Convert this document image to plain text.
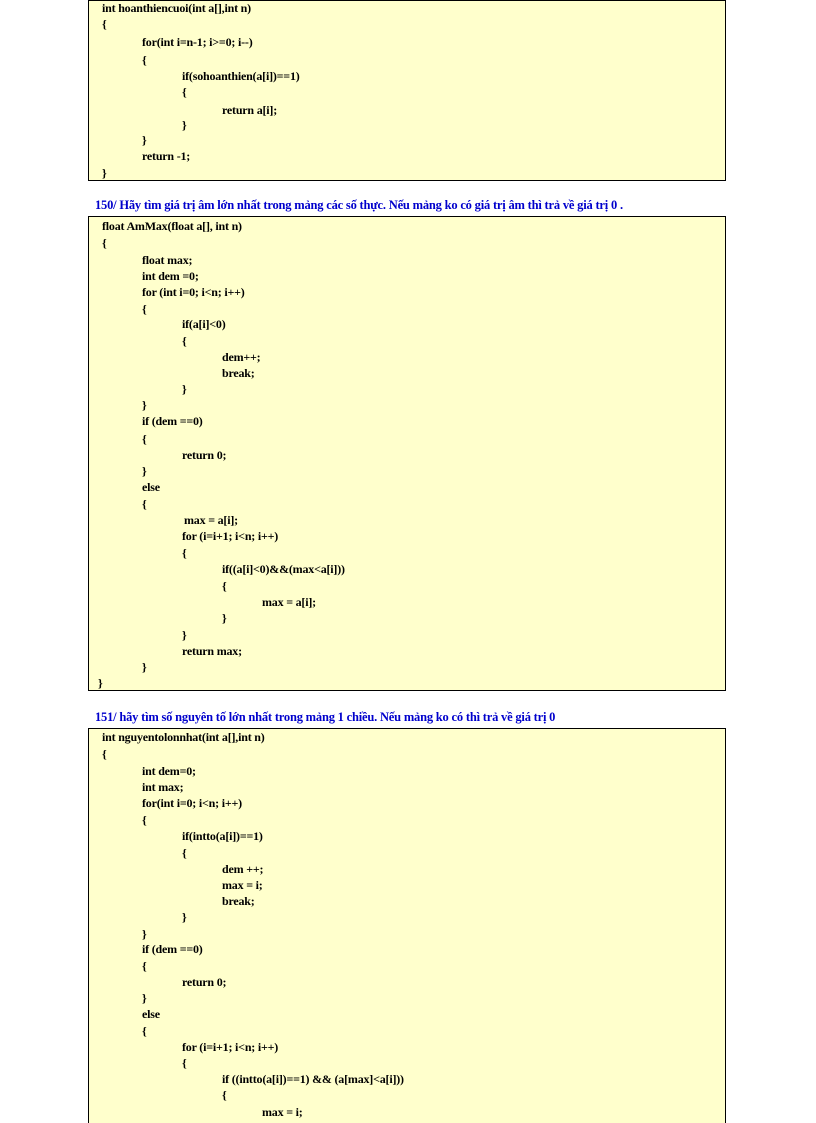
int hoanthiencuoi(int a[],int n)
{
for(int i=n-1; i>=0; i--)
{
if(sohoanthien(a[i])==1)
{
return a[i];
}
}
return -1;
}
150/ Hãy tìm giá trị âm lớn nhất trong mảng các số thực. Nếu mảng ko có giá trị âm thì trả về giá trị 0 .
float AmMax(float a[], int n)
{
float max;
int dem =0;
for (int i=0; i<n; i++)
{
if(a[i]<0)
{
dem++;
break;
}
}
if (dem ==0)
{
return 0;
}
else
{
max = a[i];
for (i=i+1; i<n; i++)
{
if((a[i]<0)&&(max<a[i]))
{
max = a[i];
}
}
return max;
}
}
151/ hãy tìm số nguyên tố lớn nhất trong mảng 1 chiều. Nếu mảng ko có thì trả về giá trị 0
int nguyentolonnhat(int a[],int n)
{
int dem=0;
int max;
for(int i=0; i<n; i++)
{
if(intto(a[i])==1)
{
dem ++;
max = i;
break;
}
}
if (dem ==0)
{
return 0;
}
else
{
for (i=i+1; i<n; i++)
{
if ((intto(a[i])==1) && (a[max]<a[i]))
{
max = i;
